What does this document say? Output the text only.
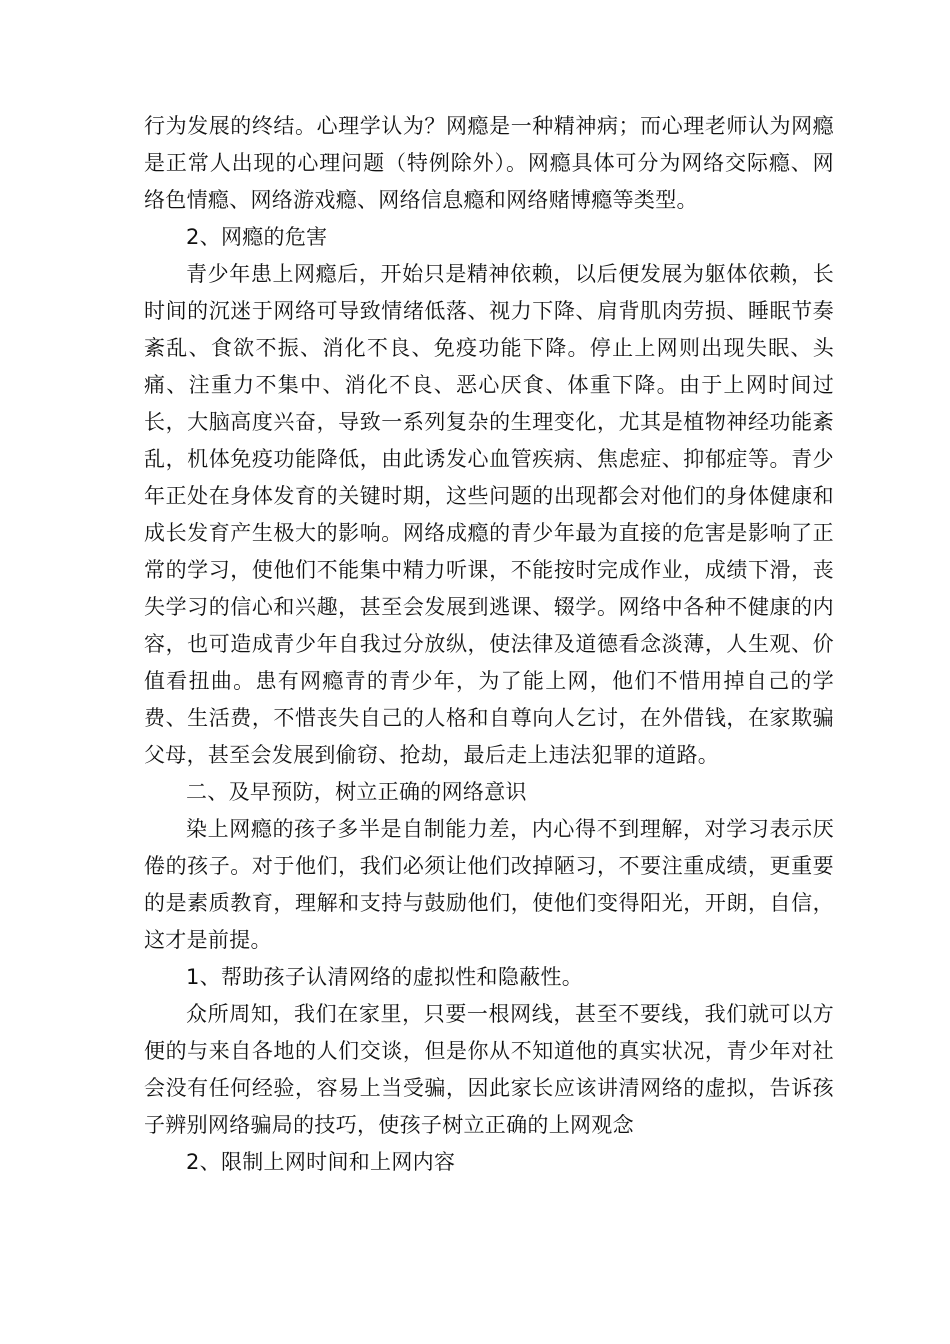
行为发展的终结。心理学认为？网瘾是一种精神病；而心理老师认为网瘾是正常人出现的心理问题（特例除外）。网瘾具体可分为网络交际瘾、网络色情瘾、网络游戏瘾、网络信息瘾和网络赌博瘾等类型。

2、网瘾的危害

青少年患上网瘾后，开始只是精神依赖，以后便发展为躯体依赖，长时间的沉迷于网络可导致情绪低落、视力下降、肩背肌肉劳损、睡眠节奏紊乱、食欲不振、消化不良、免疫功能下降。停止上网则出现失眠、头痛、注重力不集中、消化不良、恶心厌食、体重下降。由于上网时间过长，大脑高度兴奋，导致一系列复杂的生理变化，尤其是植物神经功能紊乱，机体免疫功能降低，由此诱发心血管疾病、焦虑症、抑郁症等。青少年正处在身体发育的关键时期，这些问题的出现都会对他们的身体健康和成长发育产生极大的影响。网络成瘾的青少年最为直接的危害是影响了正常的学习，使他们不能集中精力听课，不能按时完成作业，成绩下滑，丧失学习的信心和兴趣，甚至会发展到逃课、辍学。网络中各种不健康的内容，也可造成青少年自我过分放纵，使法律及道德看念淡薄，人生观、价值看扭曲。患有网瘾青的青少年，为了能上网，他们不惜用掉自己的学费、生活费，不惜丧失自己的人格和自尊向人乞讨，在外借钱，在家欺骗父母，甚至会发展到偷窃、抢劫，最后走上违法犯罪的道路。

二、及早预防，树立正确的网络意识

染上网瘾的孩子多半是自制能力差，内心得不到理解，对学习表示厌倦的孩子。对于他们，我们必须让他们改掉陋习，不要注重成绩，更重要的是素质教育，理解和支持与鼓励他们，使他们变得阳光，开朗，自信，这才是前提。

1、帮助孩子认清网络的虚拟性和隐蔽性。

众所周知，我们在家里，只要一根网线，甚至不要线，我们就可以方便的与来自各地的人们交谈，但是你从不知道他的真实状况，青少年对社会没有任何经验，容易上当受骗，因此家长应该讲清网络的虚拟，告诉孩子辨别网络骗局的技巧，使孩子树立正确的上网观念

2、限制上网时间和上网内容
